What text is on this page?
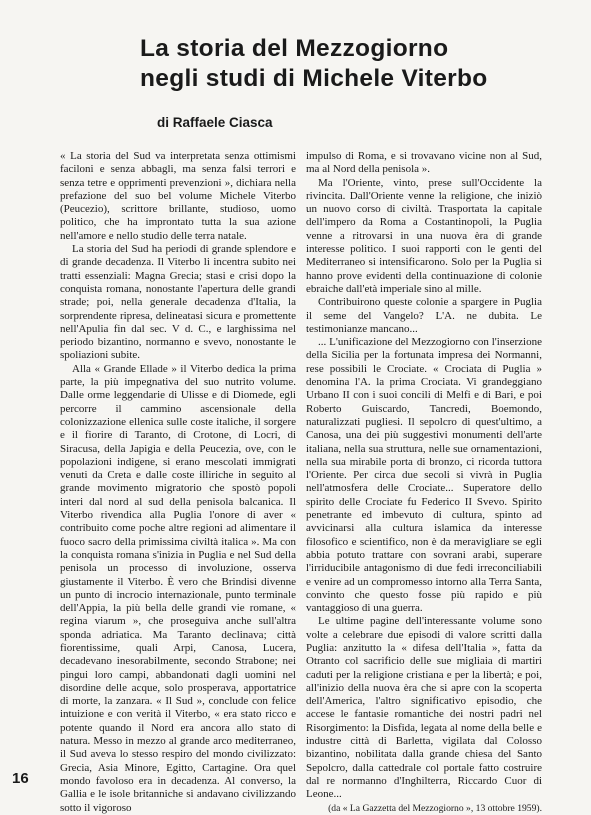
La storia del Mezzogiorno
negli studi di Michele Viterbo

di Raffaele Ciasca

« La storia del Sud va interpretata senza ottimismi faciloni e senza abbagli, ma senza falsi terrori e senza tetre e opprimenti prevenzioni », dichiara nella prefazione del suo bel volume Michele Viterbo (Peucezio), scrittore brillante, studioso, uomo politico, che ha improntato tutta la sua azione nell'amore e nello studio delle terra natale.

La storia del Sud ha periodi di grande splendore e di grande decadenza. Il Viterbo li incentra subito nei tratti essenziali: Magna Grecia; stasi e crisi dopo la conquista romana, nonostante l'apertura delle grandi strade; poi, nella generale decadenza d'Italia, la sorprendente ripresa, delineatasi sicura e promettente nell'Apulia fin dal sec. V d. C., e larghissima nel periodo bizantino, normanno e svevo, nonostante le spoliazioni subite.

Alla « Grande Ellade » il Viterbo dedica la prima parte, la più impegnativa del suo nutrito volume. Dalle orme leggendarie di Ulisse e di Diomede, egli percorre il cammino ascensionale della colonizzazione ellenica sulle coste italiche, il sorgere e il fiorire di Taranto, di Crotone, di Locri, di Siracusa, della Japigia e della Peucezia, ove, con le popolazioni indigene, si erano mescolati immigrati venuti da Creta e dalle coste illiriche in seguito al grande movimento migratorio che spostò popoli interi dal nord al sud della penisola balcanica. Il Viterbo rivendica alla Puglia l'onore di aver « contribuito come poche altre regioni ad alimentare il fuoco sacro della primissima civiltà italica ». Ma con la conquista romana s'inizia in Puglia e nel Sud della penisola un processo di involuzione, osserva giustamente il Viterbo. È vero che Brindisi divenne un punto di incrocio internazionale, punto terminale dell'Appia, la più bella delle grandi vie romane, « regina viarum », che proseguiva anche sull'altra sponda adriatica. Ma Taranto declinava; città fiorentissime, quali Arpi, Canosa, Lucera, decadevano inesorabilmente, secondo Strabone; nei pingui loro campi, abbandonati dagli uomini nel disordine delle acque, solo prosperava, apportatrice di morte, la zanzara. « Il Sud », conclude con felice intuizione e con verità il Viterbo, « era stato ricco e potente quando il Nord era ancora allo stato di natura. Messo in mezzo al grande arco mediterraneo, il Sud aveva lo stesso respiro del mondo civilizzato: Grecia, Asia Minore, Egitto, Cartagine. Ora quel mondo favoloso era in decadenza. Al converso, la Gallia e le isole britanniche si andavano civilizzando sotto il vigoroso

impulso di Roma, e si trovavano vicine non al Sud, ma al Nord della penisola ».

Ma l'Oriente, vinto, prese sull'Occidente la rivincita. Dall'Oriente venne la religione, che iniziò un nuovo corso di civiltà. Trasportata la capitale dell'impero da Roma a Costantinopoli, la Puglia venne a ritrovarsi in una nuova èra di grande interesse politico. I suoi rapporti con le genti del Mediterraneo si intensificarono. Solo per la Puglia si hanno prove evidenti della continuazione di colonie ebraiche dall'età imperiale sino al mille.

Contribuirono queste colonie a spargere in Puglia il seme del Vangelo? L'A. ne dubita. Le testimonianze mancano...

... L'unificazione del Mezzogiorno con l'inserzione della Sicilia per la fortunata impresa dei Normanni, rese possibili le Crociate. « Crociata di Puglia » denomina l'A. la prima Crociata. Vi grandeggiano Urbano II con i suoi concili di Melfi e di Bari, e poi Roberto Guiscardo, Tancredi, Boemondo, naturalizzati pugliesi. Il sepolcro di quest'ultimo, a Canosa, una dei più suggestivi monumenti dell'arte italiana, nella sua struttura, nelle sue ornamentazioni, nella sua mirabile porta di bronzo, ci ricorda tuttora l'Oriente. Per circa due secoli si vivrà in Puglia nell'atmosfera delle Crociate... Superatore dello spirito delle Crociate fu Federico II Svevo. Spirito penetrante ed imbevuto di cultura, spinto ad avvicinarsi alla cultura islamica da interesse filosofico e scientifico, non è da meravigliare se egli abbia potuto trattare con sovrani arabi, superare l'irriducibile antagonismo di due fedi irreconciliabili e venire ad un compromesso intorno alla Terra Santa, convinto che questo fosse più rapido e più vantaggioso di una guerra.

Le ultime pagine dell'interessante volume sono volte a celebrare due episodi di valore scritti dalla Puglia: anzitutto la « difesa dell'Italia », fatta da Otranto col sacrificio delle sue migliaia di martiri caduti per la religione cristiana e per la libertà; e poi, all'inizio della nuova èra che si apre con la scoperta dell'America, l'altro significativo episodio, che accese le fantasie romantiche dei nostri padri nel Risorgimento: la Disfida, legata al nome della belle e industre città di Barletta, vigilata dal Colosso bizantino, nobilitata dalla grande chiesa del Santo Sepolcro, dalla cattedrale col portale fatto costruire dal re normanno d'Inghilterra, Riccardo Cuor di Leone...

(da « La Gazzetta del Mezzogiorno », 13 ottobre 1959).

16
